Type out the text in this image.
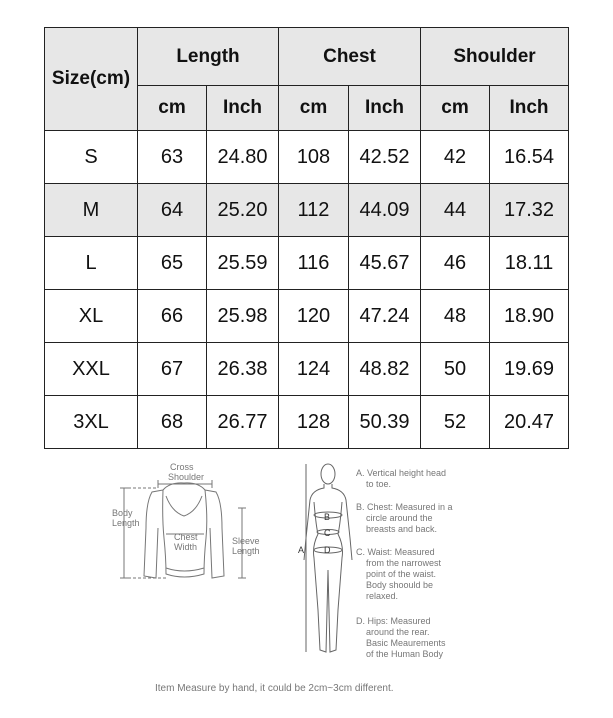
Size(cm)	Length		Chest		Shoulder	
	cm	Inch	cm	Inch	cm	Inch
S	63	24.80	108	42.52	42	16.54
M	64	25.20	112	44.09	44	17.32
L	65	25.59	116	45.67	46	18.11
XL	66	25.98	120	47.24	48	18.90
XXL	67	26.38	124	48.82	50	19.69
3XL	68	26.77	128	50.39	52	20.47
Cross
Shoulder
Body
Length
Chest
Width
Sleeve
Length
B
C
D
A
A. Vertical height head
to toe.
B. Chest: Measured in a
circle around the
breasts and back.
C. Waist: Measured
from the narrowest
point of the waist.
Body shoould be
relaxed.
D. Hips: Measured
around the rear.
Basic Meaurements
of the Human Body
Item Measure by hand, it could be 2cm~3cm different.
